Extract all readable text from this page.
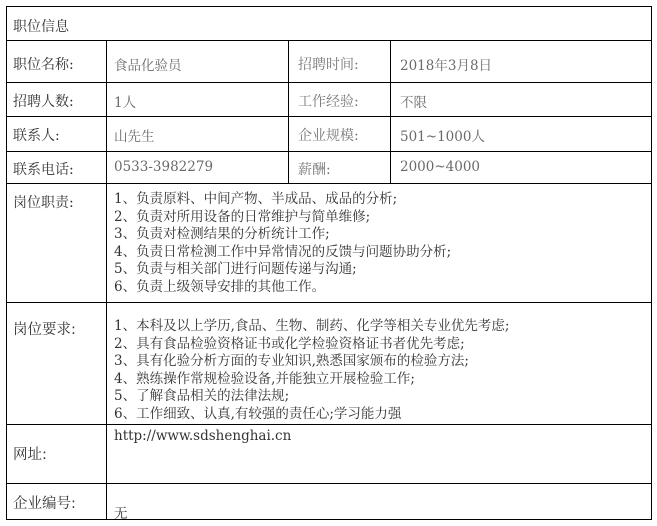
职位信息
职位名称:	食品化验员	招聘时间:	2018年3月8日
招聘人数:	1人	工作经验:	不限
联系人:	山先生	企业规模:	501~1000人
联系电话:	0533-3982279	薪酬:	2000~4000
岗位职责:	1、负责原料、中间产物、半成品、成品的分析;
2、负责对所用设备的日常维护与简单维修;
3、负责对检测结果的分析统计工作;
4、负责日常检测工作中异常情况的反馈与问题协助分析;
5、负责与相关部门进行问题传递与沟通;
6、负责上级领导安排的其他工作。
岗位要求:	1、本科及以上学历,食品、生物、制药、化学等相关专业优先考虑;
2、具有食品检验资格证书或化学检验资格证书者优先考虑;
3、具有化验分析方面的专业知识,熟悉国家颁布的检验方法;
4、熟练操作常规检验设备,并能独立开展检验工作;
5、了解食品相关的法律法规;
6、工作细致、认真,有较强的责任心;学习能力强
网址:
http://www.sdshenghai.cn
企业编号:
无
